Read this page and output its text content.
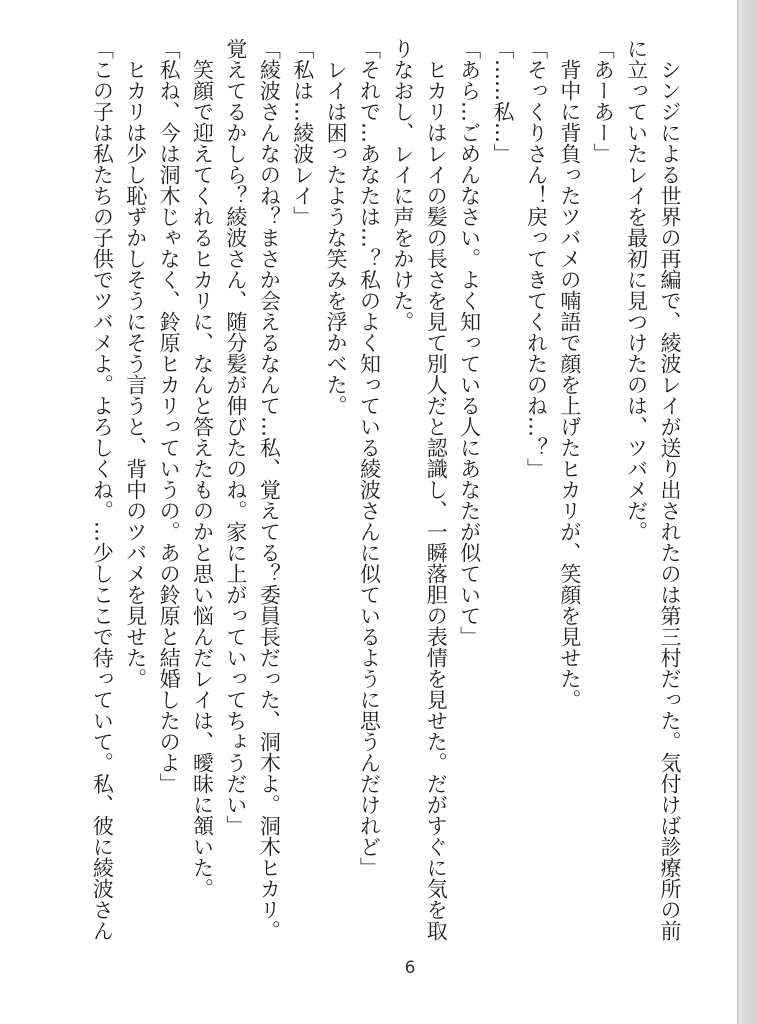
シンジによる世界の再編で、綾波レイが送り出されたのは第三村だった。気付けば診療所の前
に立っていたレイを最初に見つけたのは、ツバメだ。
「あーあー」
背中に背負ったツバメの喃語で顔を上げたヒカリが、笑顔を見せた。
「そっくりさん！戻ってきてくれたのね…？」
「……私…」
「あら…ごめんなさい。よく知っている人にあなたが似ていて」
ヒカリはレイの髪の長さを見て別人だと認識し、一瞬落胆の表情を見せた。だがすぐに気を取
りなおし、レイに声をかけた。
「それで…あなたは…？私のよく知っている綾波さんに似ているように思うんだけれど」
レイは困ったような笑みを浮かべた。
「私は…綾波レイ」
「綾波さんなのね？まさか会えるなんて…私、覚えてる？委員長だった、洞木よ。洞木ヒカリ。
覚えてるかしら？綾波さん、随分髪が伸びたのね。家に上がっていってちょうだい」
笑顔で迎えてくれるヒカリに、なんと答えたものかと思い悩んだレイは、曖昧に頷いた。
「私ね、今は洞木じゃなく、鈴原ヒカリっていうの。あの鈴原と結婚したのよ」
ヒカリは少し恥ずかしそうにそう言うと、背中のツバメを見せた。
「この子は私たちの子供でツバメよ。よろしくね。…少しここで待っていて。私、彼に綾波さん
6
